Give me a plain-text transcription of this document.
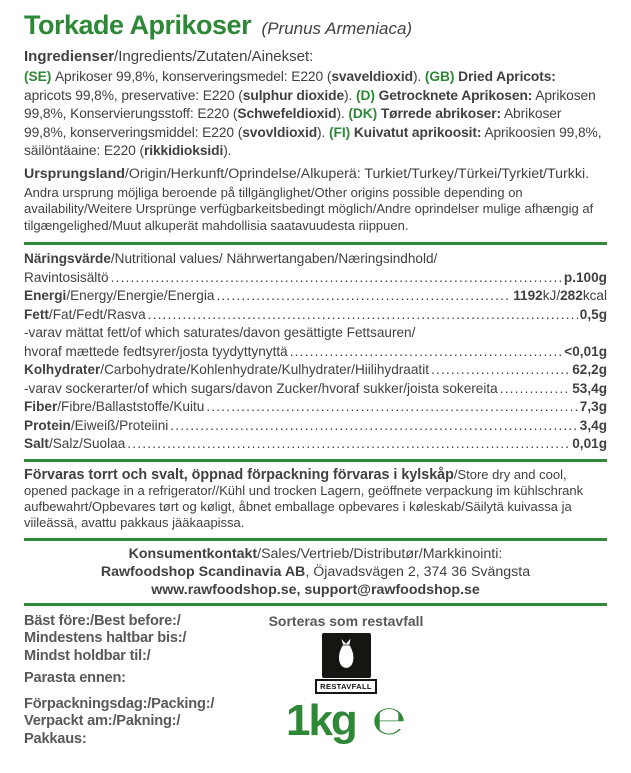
Torkade Aprikoser (Prunus Armeniaca)
Ingredienser/Ingredients/Zutaten/Ainekset:
(SE) Aprikoser 99,8%, konserveringsmedel: E220 (svaveldioxid). (GB) Dried Apricots: apricots 99,8%, preservative: E220 (sulphur dioxide). (D) Getrocknete Aprikosen: Aprikosen 99,8%, Konservierungsstoff: E220 (Schwefeldioxid). (DK) Tørrede abrikoser: Abrikoser 99,8%, konserveringsmiddel: E220 (svovldioxid). (FI) Kuivatut aprikoosit: Aprikoosien 99,8%, säilöntäaine: E220 (rikkidioksidi).
Ursprungsland/Origin/Herkunft/Oprindelse/Alkuperä: Turkiet/Turkey/Türkei/Tyrkiet/Turkki.
Andra ursprung möjliga beroende på tillgänglighet/Other origins possible depending on availability/Weitere Ursprünge verfügbarkeitsbedingt möglich/Andre oprindelser mulige afhængig af tilgængelighed/Muut alkuperät mahdollisia saatavuudesta riippuen.
Näringsvärde/Nutritional values/ Nährwertangaben/Næringsindhold/
Ravintosisältö .....	p.100g
Energi/Energy/Energie/Energia .....	1192kJ/282kcal
Fett/Fat/Fedt/Rasva .....	0,5g
-varav mättat fett/of which saturates/davon gesättigte Fettsauren/
hvoraf mættede fedtsyrer/josta tyydyttynyttä .....	<0,01g
Kolhydrater/Carbohydrate/Kohlenhydrate/Kulhydrater/Hiilihydraatit .....	62,2g
-varav sockerarter/of which sugars/davon Zucker/hvoraf sukker/joista sokereita .....	53,4g
Fiber/Fibre/Ballaststoffe/Kuitu .....	7,3g
Protein/Eiweiß/Proteiini .....	3,4g
Salt/Salz/Suolaa .....	0,01g
Förvaras torrt och svalt, öppnad förpackning förvaras i kylskåp/Store dry and cool, opened package in a refrigerator//Kühl und trocken Lagern, geöffnete verpackung im kühlschrank aufbewahrt/Opbevares tørt og køligt, åbnet emballage opbevares i køleskab/Säilytä kuivassa ja viileässä, avattu pakkaus jääkaapissa.
Konsumentkontakt/Sales/Vertrieb/Distributør/Markkinointi:
Rawfoodshop Scandinavia AB, Öjavadsvägen 2, 374 36 Svängsta
www.rawfoodshop.se, support@rawfoodshop.se
Bäst före:/Best before:/
Mindestens haltbar bis:/
Mindst holdbar til:/
Parasta ennen:
Förpackningsdag:/Packing:/
Verpackt am:/Pakning:/
Pakkaus:
Sorteras som restavfall
RESTAVFALL
1kg ℮
